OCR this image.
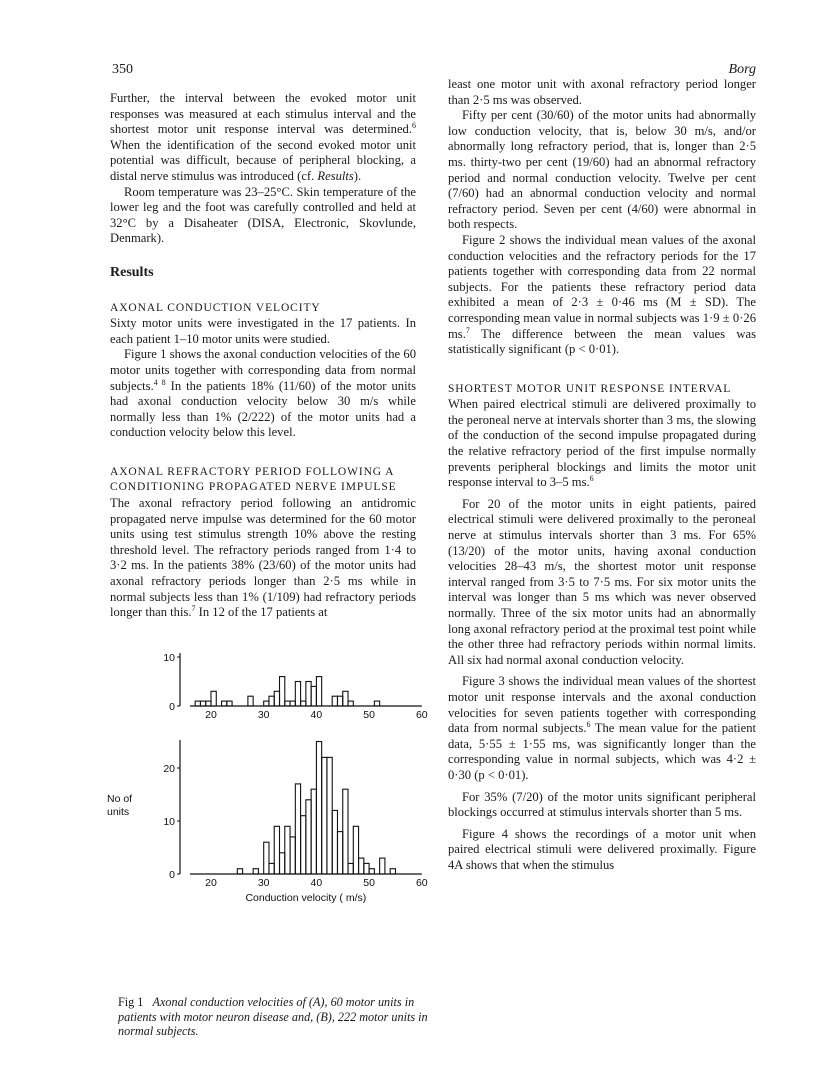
350	Borg

Further, the interval between the evoked motor unit responses was measured at each stimulus interval and the shortest motor unit response interval was determined.$^6$ When the identification of the second evoked motor unit potential was difficult, because of peripheral blocking, a distal nerve stimulus was introduced (cf. Results).

Room temperature was 23–25°C. Skin temperature of the lower leg and the foot was carefully controlled and held at 32°C by a Disaheater (DISA, Electronic, Skovlunde, Denmark).

Results
AXONAL CONDUCTION VELOCITY

Sixty motor units were investigated in the 17 patients. In each patient 1–10 motor units were studied.

Figure 1 shows the axonal conduction velocities of the 60 motor units together with corresponding data from normal subjects.$^{4 8}$ In the patients 18% (11/60) of the motor units had axonal conduction velocity below 30 m/s while normally less than 1% (2/222) of the motor units had a conduction velocity below this level.

AXONAL REFRACTORY PERIOD FOLLOWING A CONDITIONING PROPAGATED NERVE IMPULSE

The axonal refractory period following an antidromic propagated nerve impulse was determined for the 60 motor units using test stimulus strength 10% above the resting threshold level. The refractory periods ranged from 1·4 to 3·2 ms. In the patients 38% (23/60) of the motor units had axonal refractory periods longer than 2·5 ms while in normal subjects less than 1% (1/109) had refractory periods longer than this.$^7$ In 12 of the 17 patients at

least one motor unit with axonal refractory period longer than 2·5 ms was observed.

Fifty per cent (30/60) of the motor units had abnormally low conduction velocity, that is, below 30 m/s, and/or abnormally long refractory period, that is, longer than 2·5 ms. thirty-two per cent (19/60) had an abnormal refractory period and normal conduction velocity. Twelve per cent (7/60) had an abnormal conduction velocity and normal refractory period. Seven per cent (4/60) were abnormal in both respects.

Figure 2 shows the individual mean values of the axonal conduction velocities and the refractory periods for the 17 patients together with corresponding data from 22 normal subjects. For the patients these refractory period data exhibited a mean of 2·3 ± 0·46 ms (M ± SD). The corresponding mean value in normal subjects was 1·9 ± 0·26 ms.$^7$ The difference between the mean values was statistically significant (p < 0·01).

SHORTEST MOTOR UNIT RESPONSE INTERVAL

When paired electrical stimuli are delivered proximally to the peroneal nerve at intervals shorter than 3 ms, the slowing of the conduction of the second impulse propagated during the relative refractory period of the first impulse normally prevents peripheral blockings and limits the motor unit response interval to 3–5 ms.$^6$

For 20 of the motor units in eight patients, paired electrical stimuli were delivered proximally to the peroneal nerve at stimulus intervals shorter than 3 ms. For 65% (13/20) of the motor units, having axonal conduction velocities 28–43 m/s, the shortest motor unit response interval ranged from 3·5 to 7·5 ms. For six motor units the interval was longer than 5 ms which was never observed normally. Three of the six motor units had an abnormally long axonal refractory period at the proximal test point while the other three had refractory periods within normal limits. All six had normal axonal conduction velocity.

Figure 3 shows the individual mean values of the shortest motor unit response intervals and the axonal conduction velocities for seven patients together with corresponding data from normal subjects.$^6$ The mean value for the patient data, 5·55 ± 1·55 ms, was significantly longer than the corresponding value in normal subjects, which was 4·2 ± 0·30 (p < 0·01).

For 35% (7/20) of the motor units significant peripheral blockings occurred at stimulus intervals shorter than 5 ms.

Figure 4 shows the recordings of a motor unit when paired electrical stimuli were delivered proximally. Figure 4A shows that when the stimulus

0
10
20	30	40	50	60
0
10
20
20	30	40	50	60
Conduction velocity ( m/s)
No of
units
Fig 1 Axonal conduction velocities of (A), 60 motor units in patients with motor neuron disease and, (B), 222 motor units in normal subjects.
